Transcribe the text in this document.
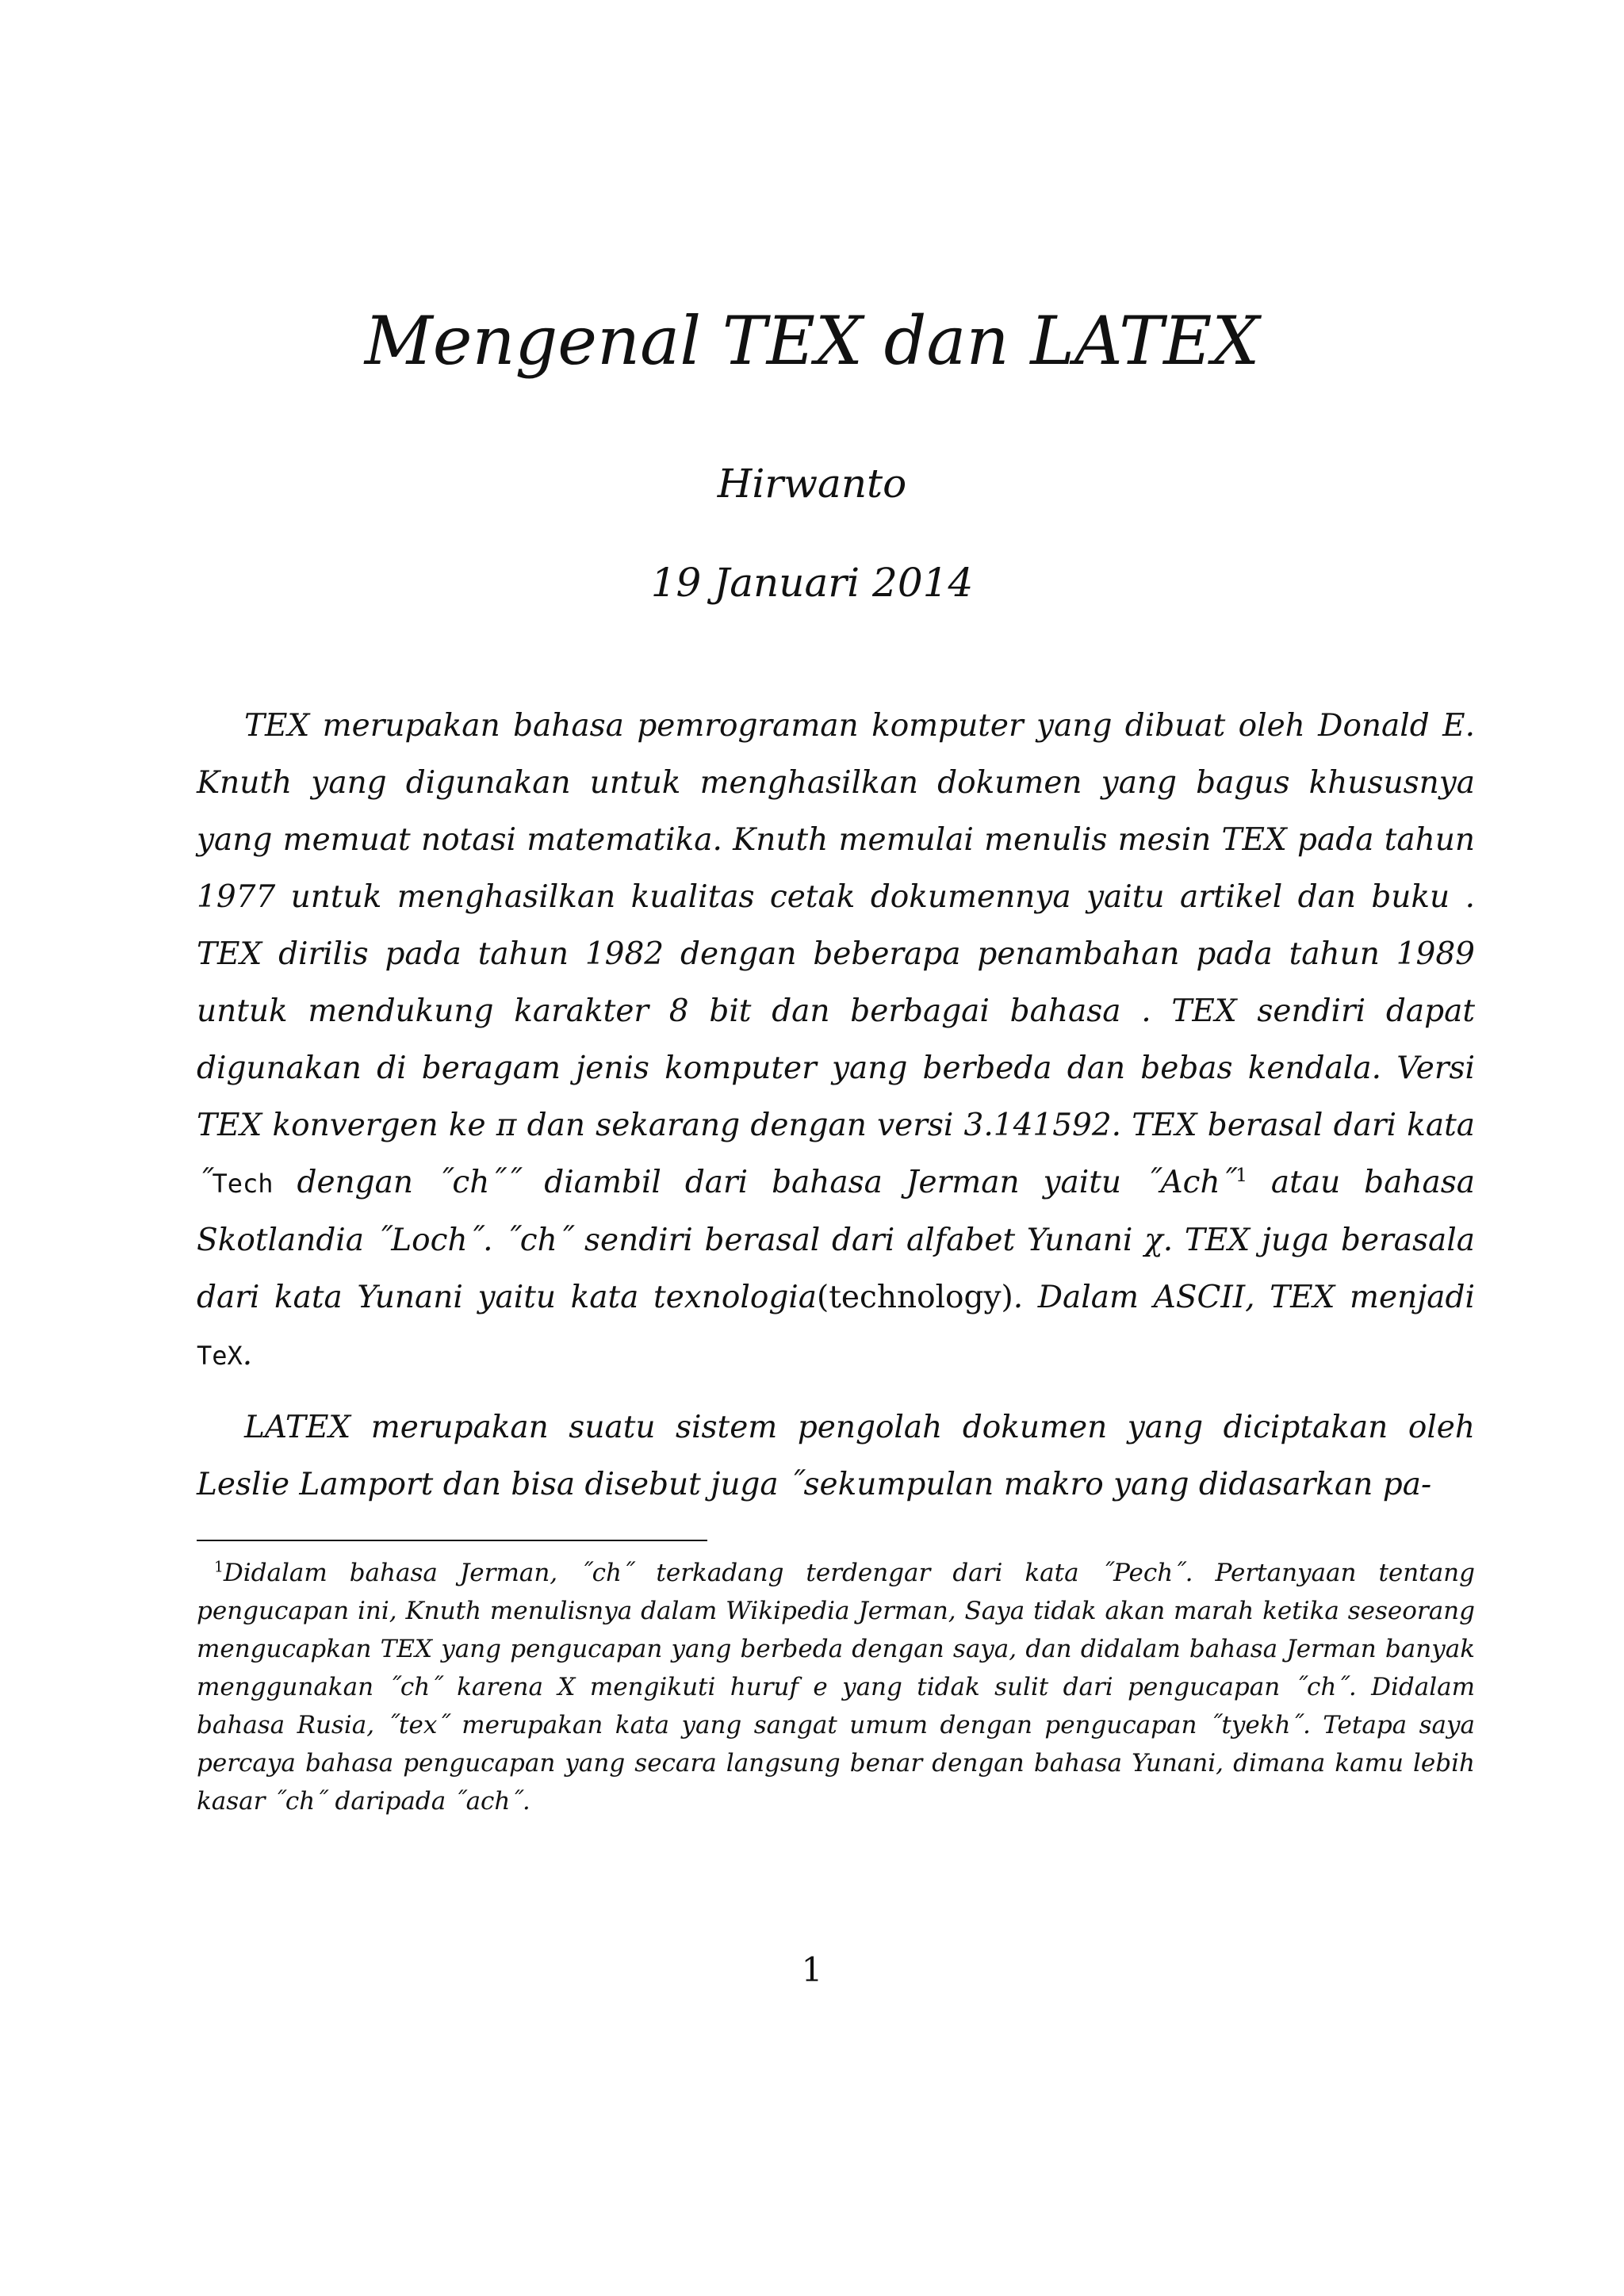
Mengenal TEX dan LATEX
Hirwanto
19 Januari 2014

TEX merupakan bahasa pemrograman komputer yang dibuat oleh Donald E. Knuth yang digunakan untuk menghasilkan dokumen yang bagus khususnya yang memuat notasi matematika. Knuth memulai menulis mesin TEX pada tahun 1977 untuk menghasilkan kualitas cetak dokumennya yaitu artikel dan buku . TEX dirilis pada tahun 1982 dengan beberapa penambahan pada tahun 1989 untuk mendukung karakter 8 bit dan berbagai bahasa . TEX sendiri dapat digunakan di beragam jenis komputer yang berbeda dan bebas kendala. Versi TEX konvergen ke π dan sekarang dengan versi 3.141592. TEX berasal dari kata ˝Tech dengan ˝ch˝˝ diambil dari bahasa Jerman yaitu ˝Ach˝$^1$ atau bahasa Skotlandia ˝Loch˝. ˝ch˝ sendiri berasal dari alfabet Yunani χ. TEX juga berasala dari kata Yunani yaitu kata texnologia(technology). Dalam ASCII, TEX menjadi TeX.

LATEX merupakan suatu sistem pengolah dokumen yang diciptakan oleh Leslie Lamport dan bisa disebut juga ˝sekumpulan makro yang didasarkan pa-

$^1$Didalam bahasa Jerman, ˝ch˝ terkadang terdengar dari kata ˝Pech˝. Pertanyaan tentang pengucapan ini, Knuth menulisnya dalam Wikipedia Jerman, Saya tidak akan marah ketika seseorang mengucapkan TEX yang pengucapan yang berbeda dengan saya, dan didalam bahasa Jerman banyak menggunakan ˝ch˝ karena X mengikuti huruf e yang tidak sulit dari pengucapan ˝ch˝. Didalam bahasa Rusia, ˝tex˝ merupakan kata yang sangat umum dengan pengucapan ˝tyekh˝. Tetapa saya percaya bahasa pengucapan yang secara langsung benar dengan bahasa Yunani, dimana kamu lebih kasar ˝ch˝ daripada ˝ach˝.

1
